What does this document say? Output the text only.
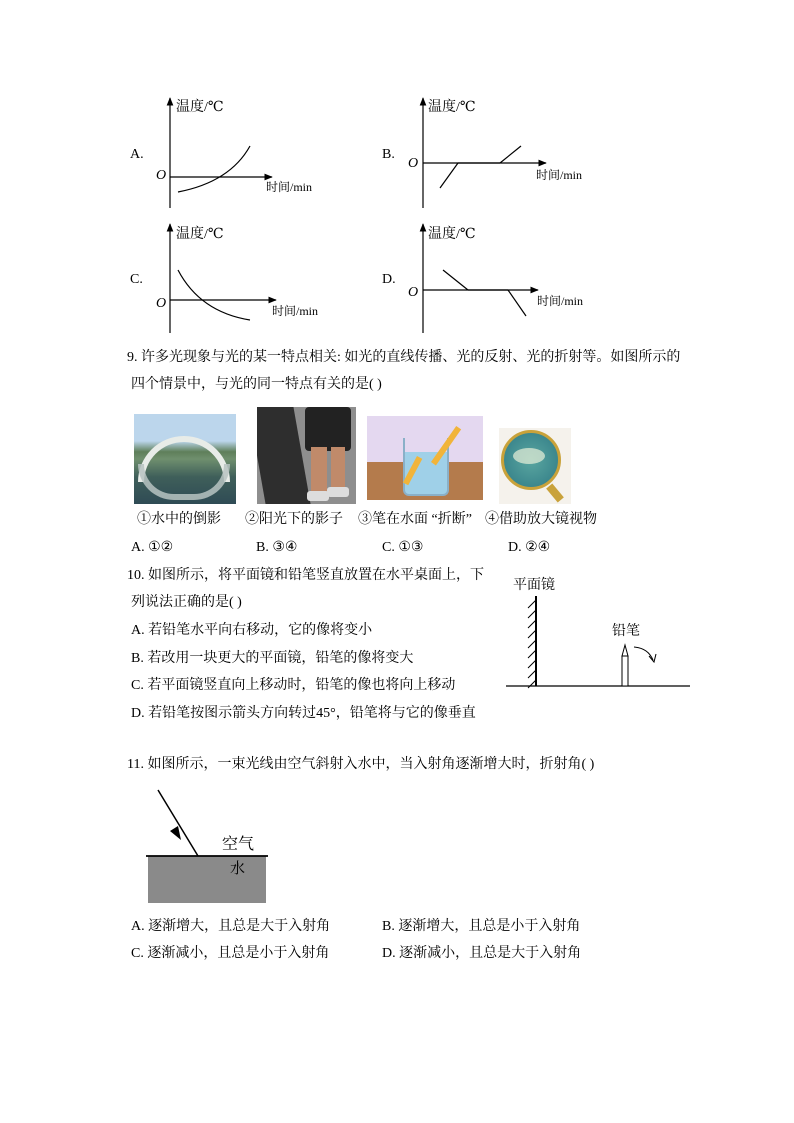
A.
温度/℃
O
时间/min
B.
温度/℃
O
时间/min
C.
温度/℃
O	时间/min
D.
温度/℃
O
时间/min
9. 许多光现象与光的某一特点相关: 如光的直线传播、光的反射、光的折射等。如图所示的
四个情景中，与光的同一特点有关的是( )
①水中的倒影 ②阳光下的影子 ③笔在水面 “折断” ④借助放大镜视物
A. ①②	B. ③④	C. ①③	D. ②④
10. 如图所示，将平面镜和铅笔竖直放置在水平桌面上，下
列说法正确的是( )
A. 若铅笔水平向右移动，它的像将变小
B. 若改用一块更大的平面镜，铅笔的像将变大
C. 若平面镜竖直向上移动时，铅笔的像也将向上移动
D. 若铅笔按图示箭头方向转过45°，铅笔将与它的像垂直
平面镜
铅笔
11. 如图所示，一束光线由空气斜射入水中，当入射角逐渐增大时，折射角( )
空气
水
A. 逐渐增大，且总是大于入射角	B. 逐渐增大，且总是小于入射角
C. 逐渐减小，且总是小于入射角	D. 逐渐减小，且总是大于入射角
